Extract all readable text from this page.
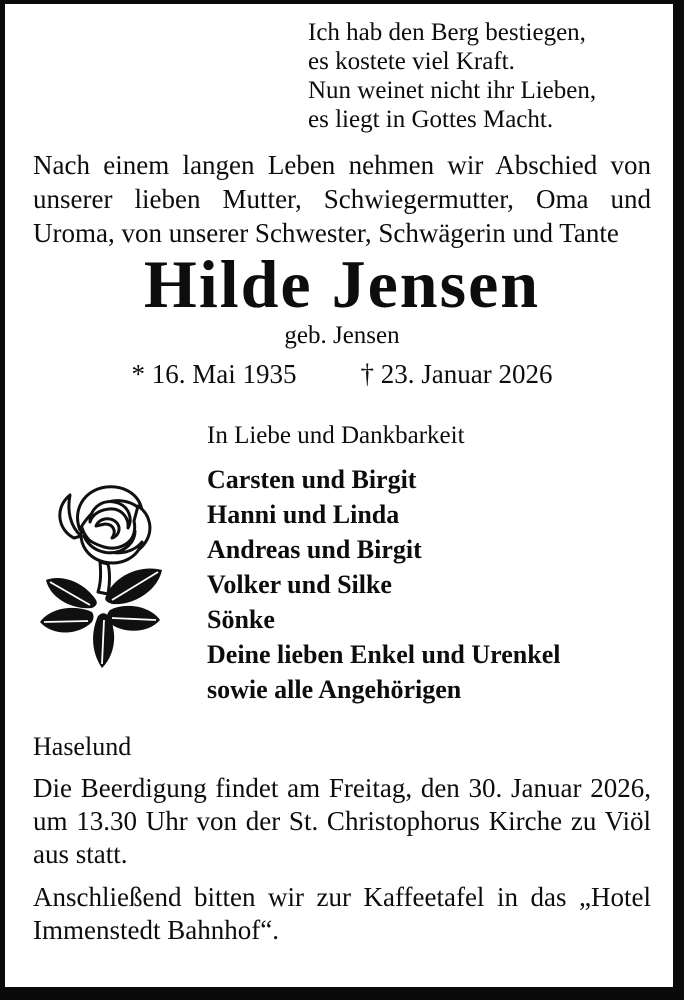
Ich hab den Berg bestiegen,
es kostete viel Kraft.
Nun weinet nicht ihr Lieben,
es liegt in Gottes Macht.

Nach einem langen Leben nehmen wir Abschied von unserer lieben Mutter, Schwiegermutter, Oma und Uroma, von unserer Schwester, Schwägerin und Tante

Hilde Jensen
geb. Jensen
* 16. Mai 1935 † 23. Januar 2026
In Liebe und Dankbarkeit
Carsten und Birgit
Hanni und Linda
Andreas und Birgit
Volker und Silke
Sönke
Deine lieben Enkel und Urenkel
sowie alle Angehörigen
Haselund

Die Beerdigung findet am Freitag, den 30. Januar 2026, um 13.30 Uhr von der St. Christophorus Kirche zu Viöl aus statt.

Anschließend bitten wir zur Kaffeetafel in das „Hotel Immenstedt Bahnhof“.
